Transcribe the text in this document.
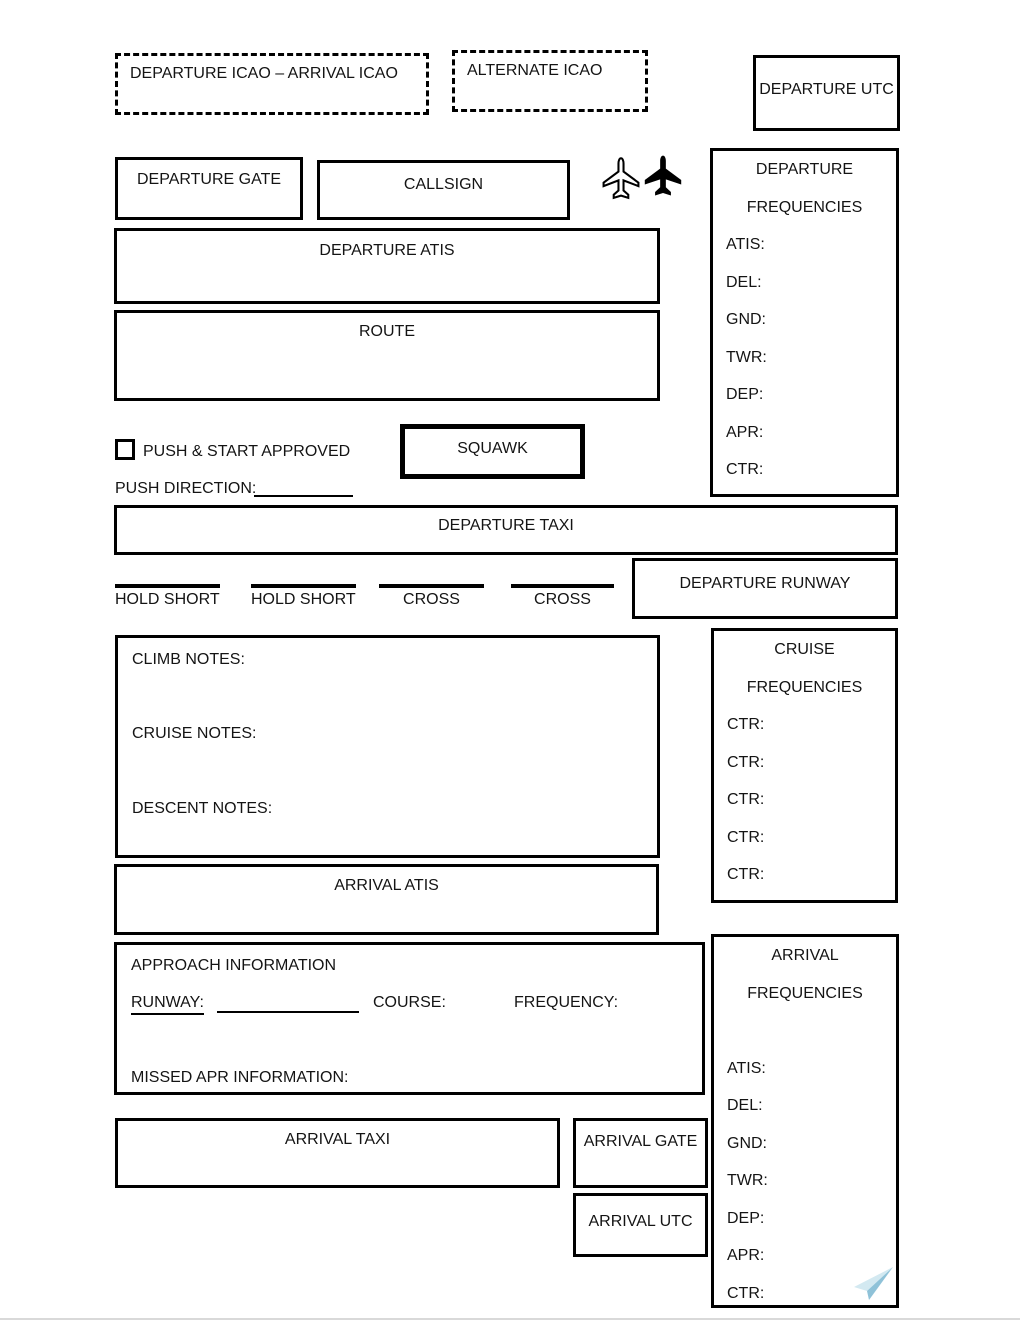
DEPARTURE ICAO – ARRIVAL ICAO	ALTERNATE ICAO
DEPARTURE UTC
DEPARTURE GATE	CALLSIGN
DEPARTURE
FREQUENCIES
ATIS:
DEL:
GND:
TWR:
DEP:
APR:
CTR:
DEPARTURE ATIS
ROUTE
SQUAWK
PUSH & START APPROVED
PUSH DIRECTION:
DEPARTURE TAXI
HOLD SHORT HOLD SHORT	CROSS	CROSS
DEPARTURE RUNWAY
CRUISE
FREQUENCIES
CTR:
CTR:
CTR:
CTR:
CTR:
CLIMB NOTES:
CRUISE NOTES:
DESCENT NOTES:
ARRIVAL ATIS
APPROACH INFORMATION
RUNWAY:	COURSE:	FREQUENCY:
MISSED APR INFORMATION:
ARRIVAL
FREQUENCIES
ATIS:
DEL:
GND:
TWR:
DEP:
APR:
CTR:
ARRIVAL TAXI	ARRIVAL GATE
ARRIVAL UTC
